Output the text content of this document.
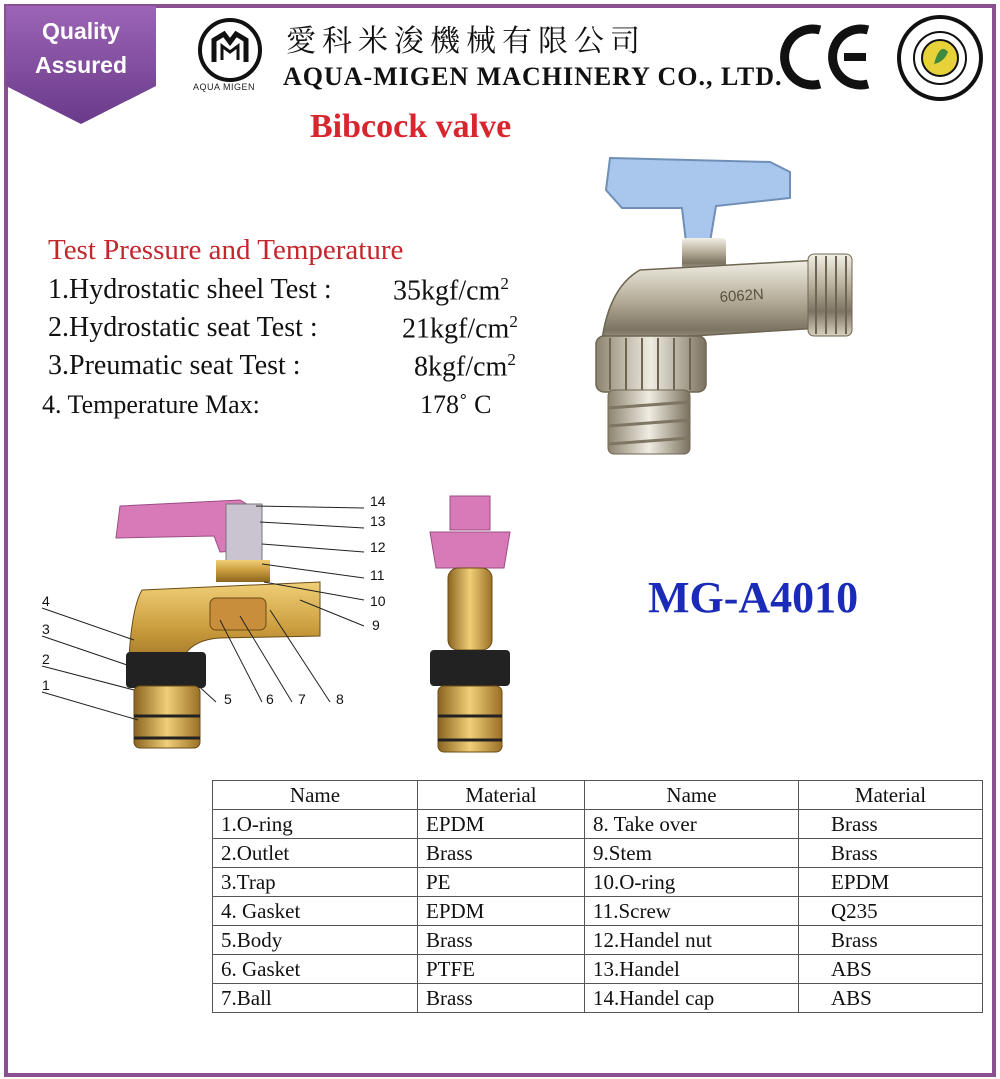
Quality
Assured
AQUA MIGEN
愛科米浚機械有限公司
AQUA-MIGEN MACHINERY CO., LTD.
Bibcock valve
6062N
Test Pressure and Temperature
1.Hydrostatic sheel Test : $35kgf/cm^2$
2.Hydrostatic seat Test :	$21kgf/cm^2$
3.Preumatic seat Test :	$8kgf/cm^2$
4. Temperature Max:	178˚ C
4
3
2
1
5 6 7 8
9
10
11
12
13
14
MG-A4010
Name	Material	Name	Material
1.O-ring	EPDM	8. Take over	Brass
2.Outlet	Brass	9.Stem	Brass
3.Trap	PE	10.O-ring	EPDM
4. Gasket	EPDM	11.Screw	Q235
5.Body	Brass	12.Handel nut	Brass
6. Gasket	PTFE	13.Handel	ABS
7.Ball	Brass	14.Handel cap	ABS
